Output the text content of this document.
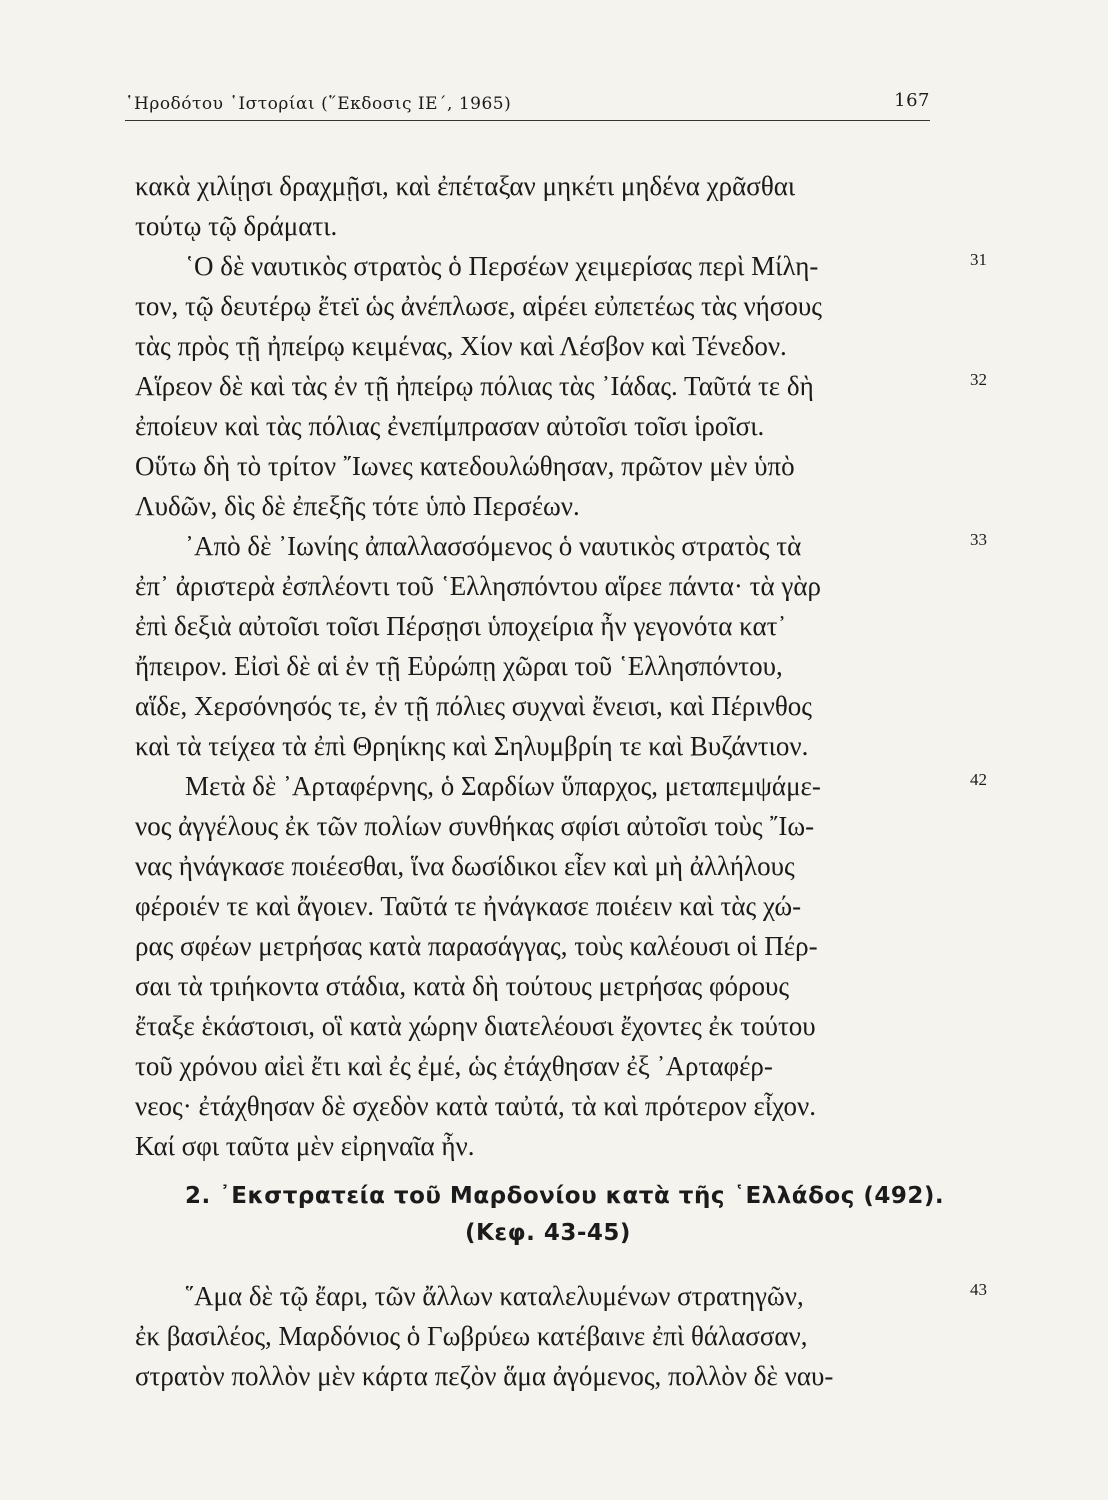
῾Ηροδότου ῾Ιστορίαι (῞Εκδοσις ΙΕ΄, 1965)	167
κακὰ χιλίῃσι δραχμῇσι, καὶ ἐπέταξαν μηκέτι μηδένα χρᾶσθαι
τούτῳ τῷ δράματι.
῾Ο δὲ ναυτικὸς στρατὸς ὁ Περσέων χειμερίσας περὶ Μίλη-
τον, τῷ δευτέρῳ ἔτεϊ ὡς ἀνέπλωσε, αἱρέει εὐπετέως τὰς νήσους
τὰς πρὸς τῇ ἠπείρῳ κειμένας, Χίον καὶ Λέσβον καὶ Τένεδον.
Αἵρεον δὲ καὶ τὰς ἐν τῇ ἠπείρῳ πόλιας τὰς ᾽Ιάδας. Ταῦτά τε δὴ
ἐποίευν καὶ τὰς πόλιας ἐνεπίμπρασαν αὐτοῖσι τοῖσι ἱροῖσι.
Οὕτω δὴ τὸ τρίτον ῎Ιωνες κατεδουλώθησαν, πρῶτον μὲν ὑπὸ
Λυδῶν, δὶς δὲ ἐπεξῆς τότε ὑπὸ Περσέων.
᾽Απὸ δὲ ᾽Ιωνίης ἀπαλλασσόμενος ὁ ναυτικὸς στρατὸς τὰ
ἐπ᾽ ἀριστερὰ ἐσπλέοντι τοῦ ῾Ελλησπόντου αἵρεε πάντα· τὰ γὰρ
ἐπὶ δεξιὰ αὐτοῖσι τοῖσι Πέρσῃσι ὑποχείρια ἦν γεγονότα κατ᾽
ἤπειρον. Εἰσὶ δὲ αἱ ἐν τῇ Εὐρώπῃ χῶραι τοῦ ῾Ελλησπόντου,
αἵδε, Χερσόνησός τε, ἐν τῇ πόλιες συχναὶ ἔνεισι, καὶ Πέρινθος
καὶ τὰ τείχεα τὰ ἐπὶ Θρηίκης καὶ Σηλυμβρίη τε καὶ Βυζάντιον.
Μετὰ δὲ ᾽Αρταφέρνης, ὁ Σαρδίων ὕπαρχος, μεταπεμψάμε-
νος ἀγγέλους ἐκ τῶν πολίων συνθήκας σφίσι αὐτοῖσι τοὺς ῎Ιω-
νας ἠνάγκασε ποιέεσθαι, ἵνα δωσίδικοι εἶεν καὶ μὴ ἀλλήλους
φέροιέν τε καὶ ἄγοιεν. Ταῦτά τε ἠνάγκασε ποιέειν καὶ τὰς χώ-
ρας σφέων μετρήσας κατὰ παρασάγγας, τοὺς καλέουσι οἱ Πέρ-
σαι τὰ τριήκοντα στάδια, κατὰ δὴ τούτους μετρήσας φόρους
ἔταξε ἑκάστοισι, οἳ κατὰ χώρην διατελέουσι ἔχοντες ἐκ τούτου
τοῦ χρόνου αἰεὶ ἔτι καὶ ἐς ἐμέ, ὡς ἐτάχθησαν ἐξ ᾽Αρταφέρ-
νεος· ἐτάχθησαν δὲ σχεδὸν κατὰ ταὐτά, τὰ καὶ πρότερον εἶχον.
Καί σφι ταῦτα μὲν εἰρηναῖα ἦν.
2. ᾽Εκστρατεία τοῦ Μαρδονίου κατὰ τῆς ῾Ελλάδος (492).
(Κεφ. 43-45)
῞Αμα δὲ τῷ ἔαρι, τῶν ἄλλων καταλελυμένων στρατηγῶν,
ἐκ βασιλέος, Μαρδόνιος ὁ Γωβρύεω κατέβαινε ἐπὶ θάλασσαν,
στρατὸν πολλὸν μὲν κάρτα πεζὸν ἅμα ἀγόμενος, πολλὸν δὲ ναυ-
31
32
33
42
43
